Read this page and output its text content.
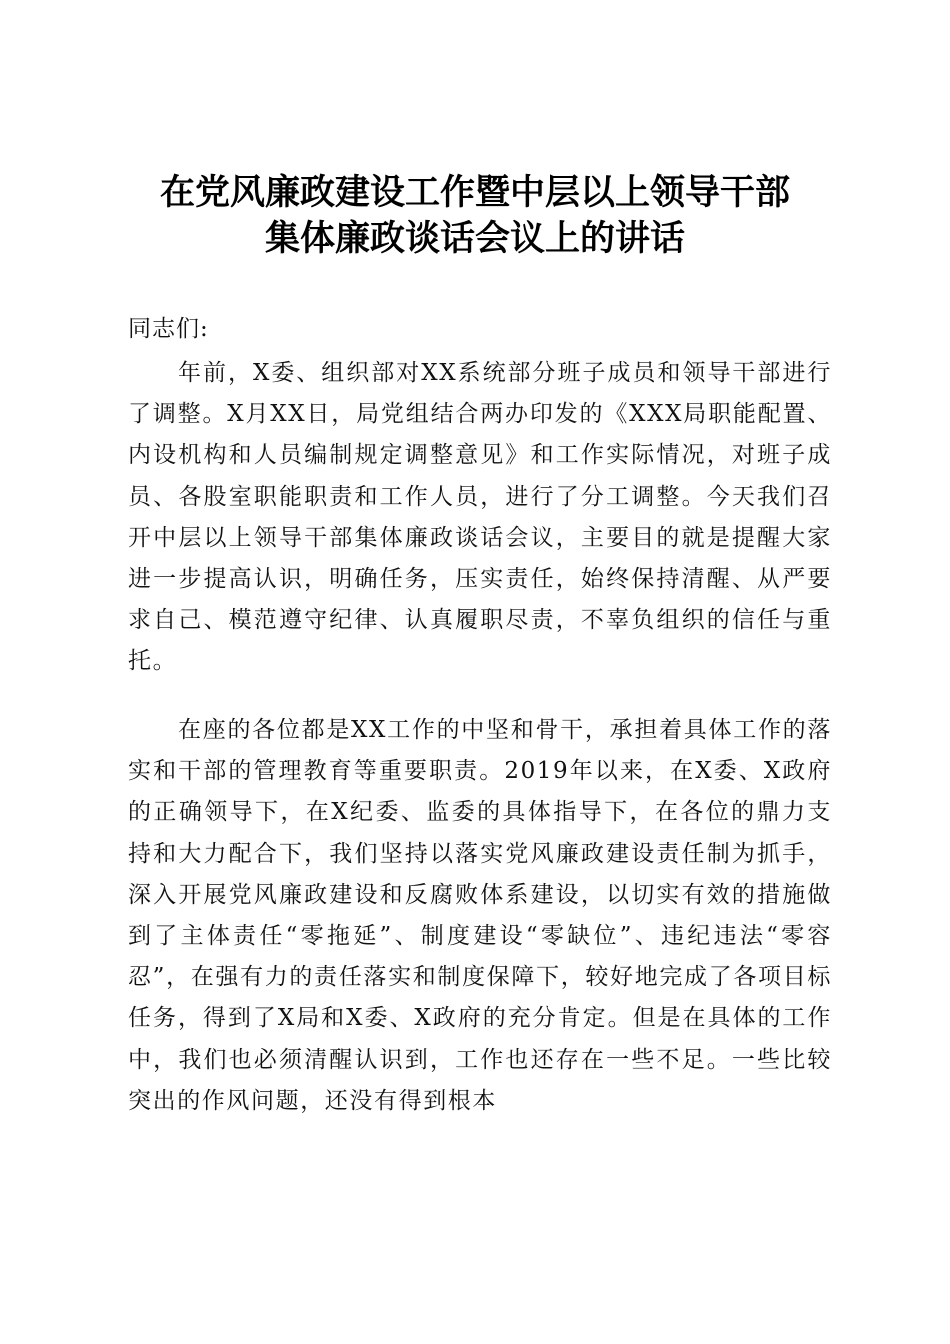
在党风廉政建设工作暨中层以上领导干部
集体廉政谈话会议上的讲话
同志们:

年前，X委、组织部对XX系统部分班子成员和领导干部进行了调整。X月XX日，局党组结合两办印发的《XXX局职能配置、内设机构和人员编制规定调整意见》和工作实际情况，对班子成员、各股室职能职责和工作人员，进行了分工调整。今天我们召开中层以上领导干部集体廉政谈话会议，主要目的就是提醒大家进一步提高认识，明确任务，压实责任，始终保持清醒、从严要求自己、模范遵守纪律、认真履职尽责，不辜负组织的信任与重托。

在座的各位都是XX工作的中坚和骨干，承担着具体工作的落实和干部的管理教育等重要职责。2019年以来，在X委、X政府的正确领导下，在X纪委、监委的具体指导下，在各位的鼎力支持和大力配合下，我们坚持以落实党风廉政建设责任制为抓手，深入开展党风廉政建设和反腐败体系建设，以切实有效的措施做到了主体责任“零拖延”、制度建设“零缺位”、违纪违法“零容忍”，在强有力的责任落实和制度保障下，较好地完成了各项目标任务，得到了X局和X委、X政府的充分肯定。但是在具体的工作中，我们也必须清醒认识到，工作也还存在一些不足。一些比较突出的作风问题，还没有得到根本
